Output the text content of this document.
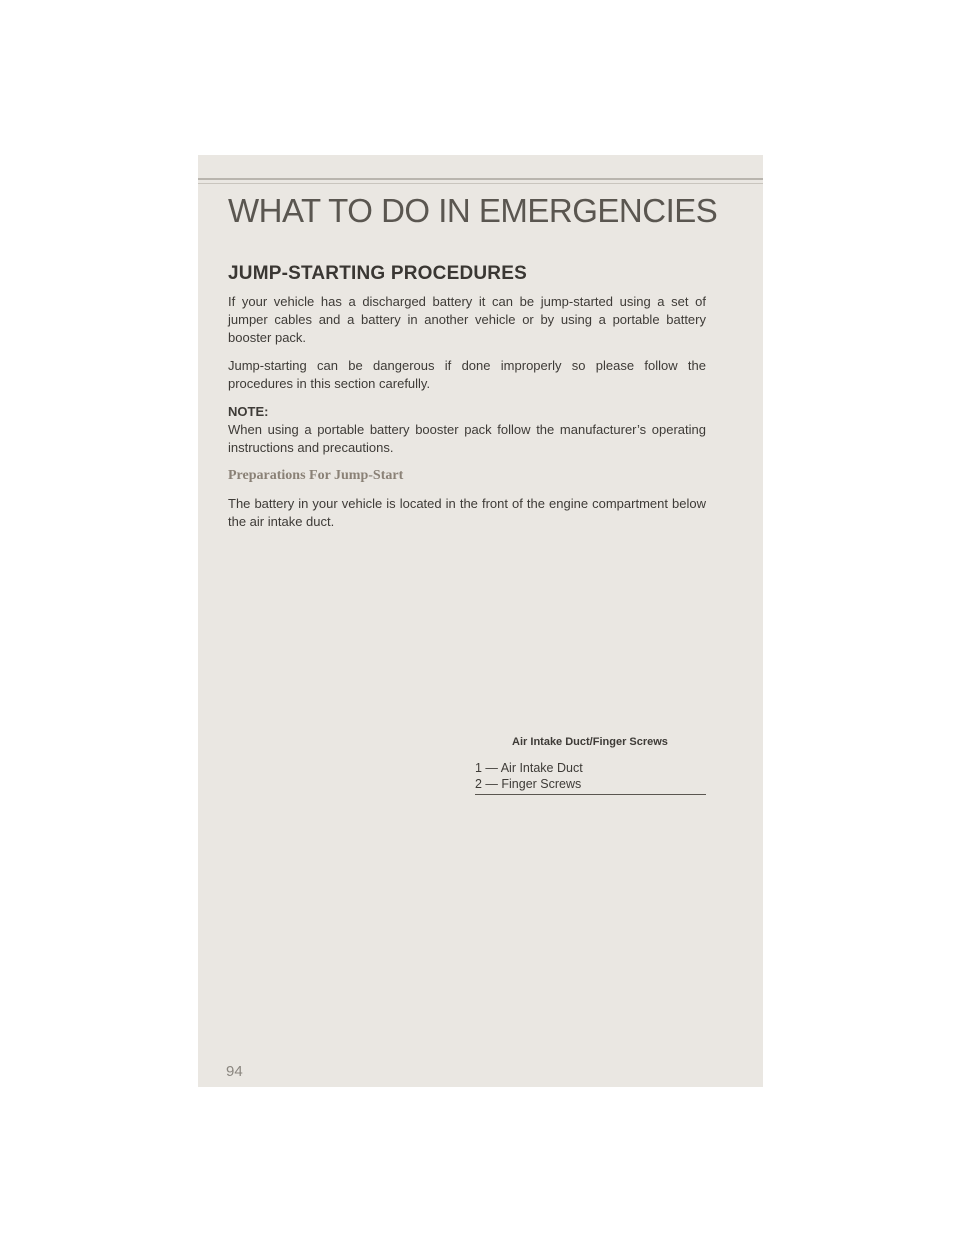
WHAT TO DO IN EMERGENCIES
JUMP-STARTING PROCEDURES

If your vehicle has a discharged battery it can be jump-started using a set of jumper cables and a battery in another vehicle or by using a portable battery booster pack.

Jump-starting can be dangerous if done improperly so please follow the procedures in this section carefully.

NOTE:

When using a portable battery booster pack follow the manufacturer’s operating instructions and precautions.

Preparations For Jump-Start

The battery in your vehicle is located in the front of the engine compartment below the air intake duct.

Air Intake Duct/Finger Screws
1 — Air Intake Duct
2 — Finger Screws
94
